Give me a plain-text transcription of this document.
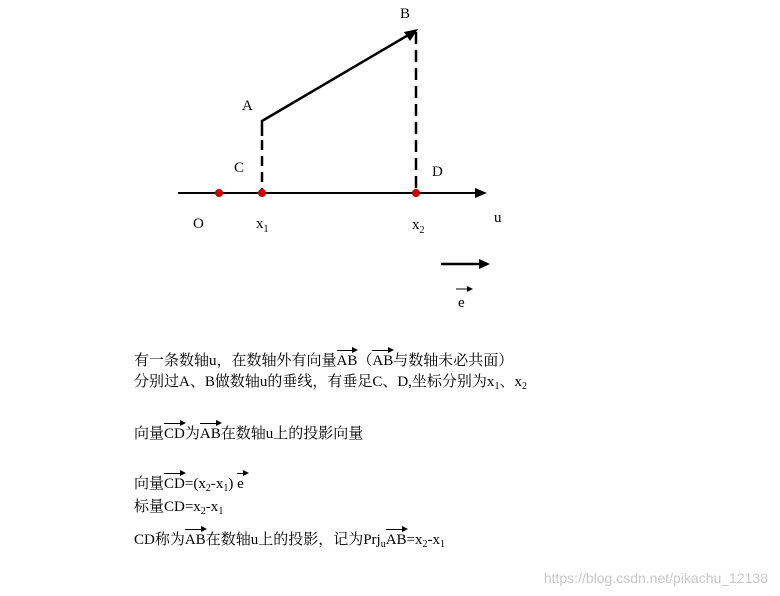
B
A
C	D
O	$x_1$	$x_2$
u
e
有一条数轴u，在数轴外有向量AB（AB与数轴未必共面）
分别过A、B做数轴u的垂线，有垂足C、D,坐标分别为$x_1$、$x_2$
向量CD为AB在数轴u上的投影向量
向量$CD=(x_2-x_1)$ e
标量$CD=x_2-x_1$
CD称为AB在数轴u上的投影，记为$Prj_uAB=x_2-x_1$
https://blog.csdn.net/pikachu_12138
